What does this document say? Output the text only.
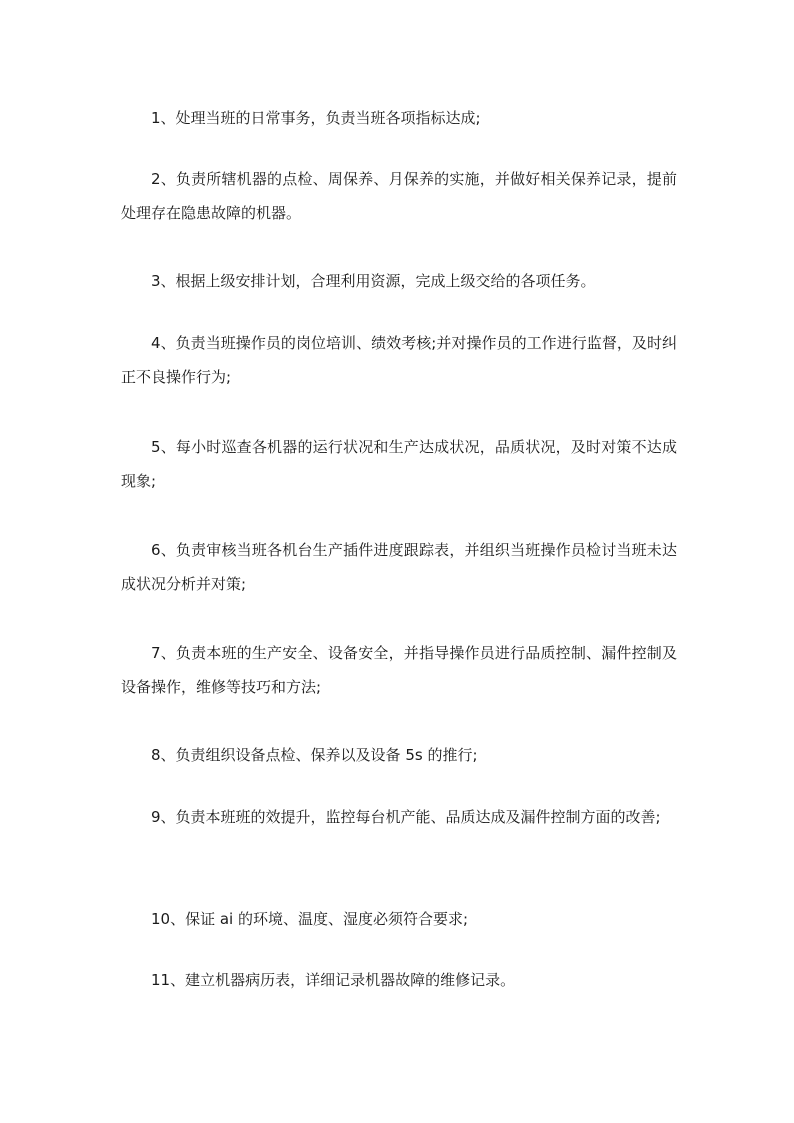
1、处理当班的日常事务，负责当班各项指标达成;

2、负责所辖机器的点检、周保养、月保养的实施，并做好相关保养记录，提前处理存在隐患故障的机器。

3、根据上级安排计划，合理利用资源，完成上级交给的各项任务。

4、负责当班操作员的岗位培训、绩效考核;并对操作员的工作进行监督，及时纠正不良操作行为;

5、每小时巡查各机器的运行状况和生产达成状况，品质状况，及时对策不达成现象;

6、负责审核当班各机台生产插件进度跟踪表，并组织当班操作员检讨当班未达成状况分析并对策;

7、负责本班的生产安全、设备安全，并指导操作员进行品质控制、漏件控制及设备操作，维修等技巧和方法;

8、负责组织设备点检、保养以及设备 5s 的推行;

9、负责本班班的效提升，监控每台机产能、品质达成及漏件控制方面的改善;

10、保证 ai 的环境、温度、湿度必须符合要求;

11、建立机器病历表，详细记录机器故障的维修记录。
